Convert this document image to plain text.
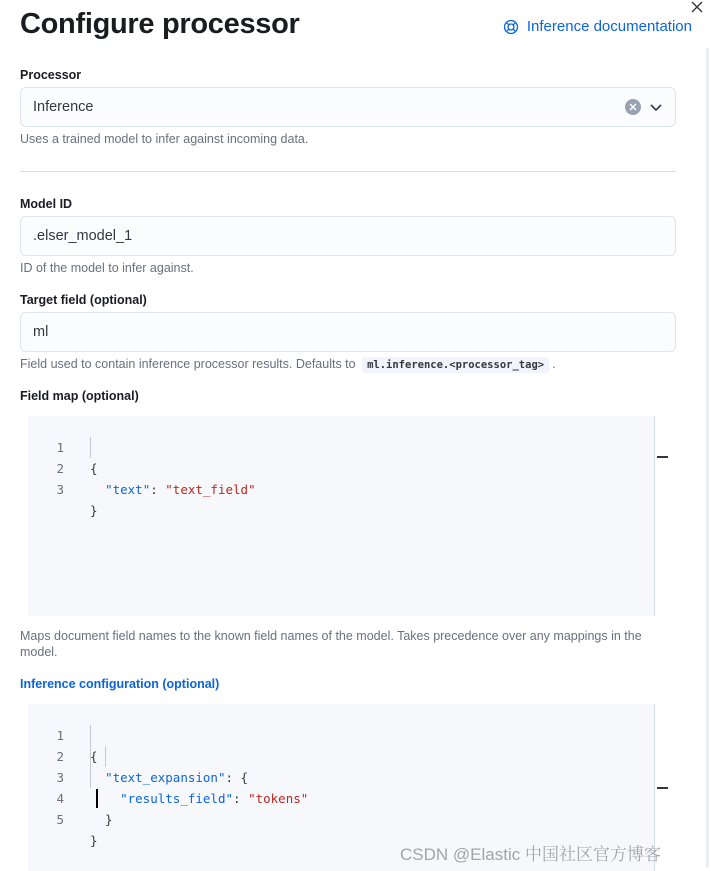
Configure processor	Inference documentation
Processor
Inference
Uses a trained model to infer against incoming data.
Model ID
.elser_model_1
ID of the model to infer against.
Target field (optional)
ml
Field used to contain inference processor results. Defaults to ml.inference.<processor_tag> .
Field map (optional)

1

{

2

"text": "text_field"

3

}

Maps document field names to the known field names of the model. Takes precedence over any mappings in the model.
Inference configuration (optional)

1

{

2

"text_expansion": {

3

"results_field": "tokens"

4

}

5

}

CSDN @Elastic 中国社区官方博客
